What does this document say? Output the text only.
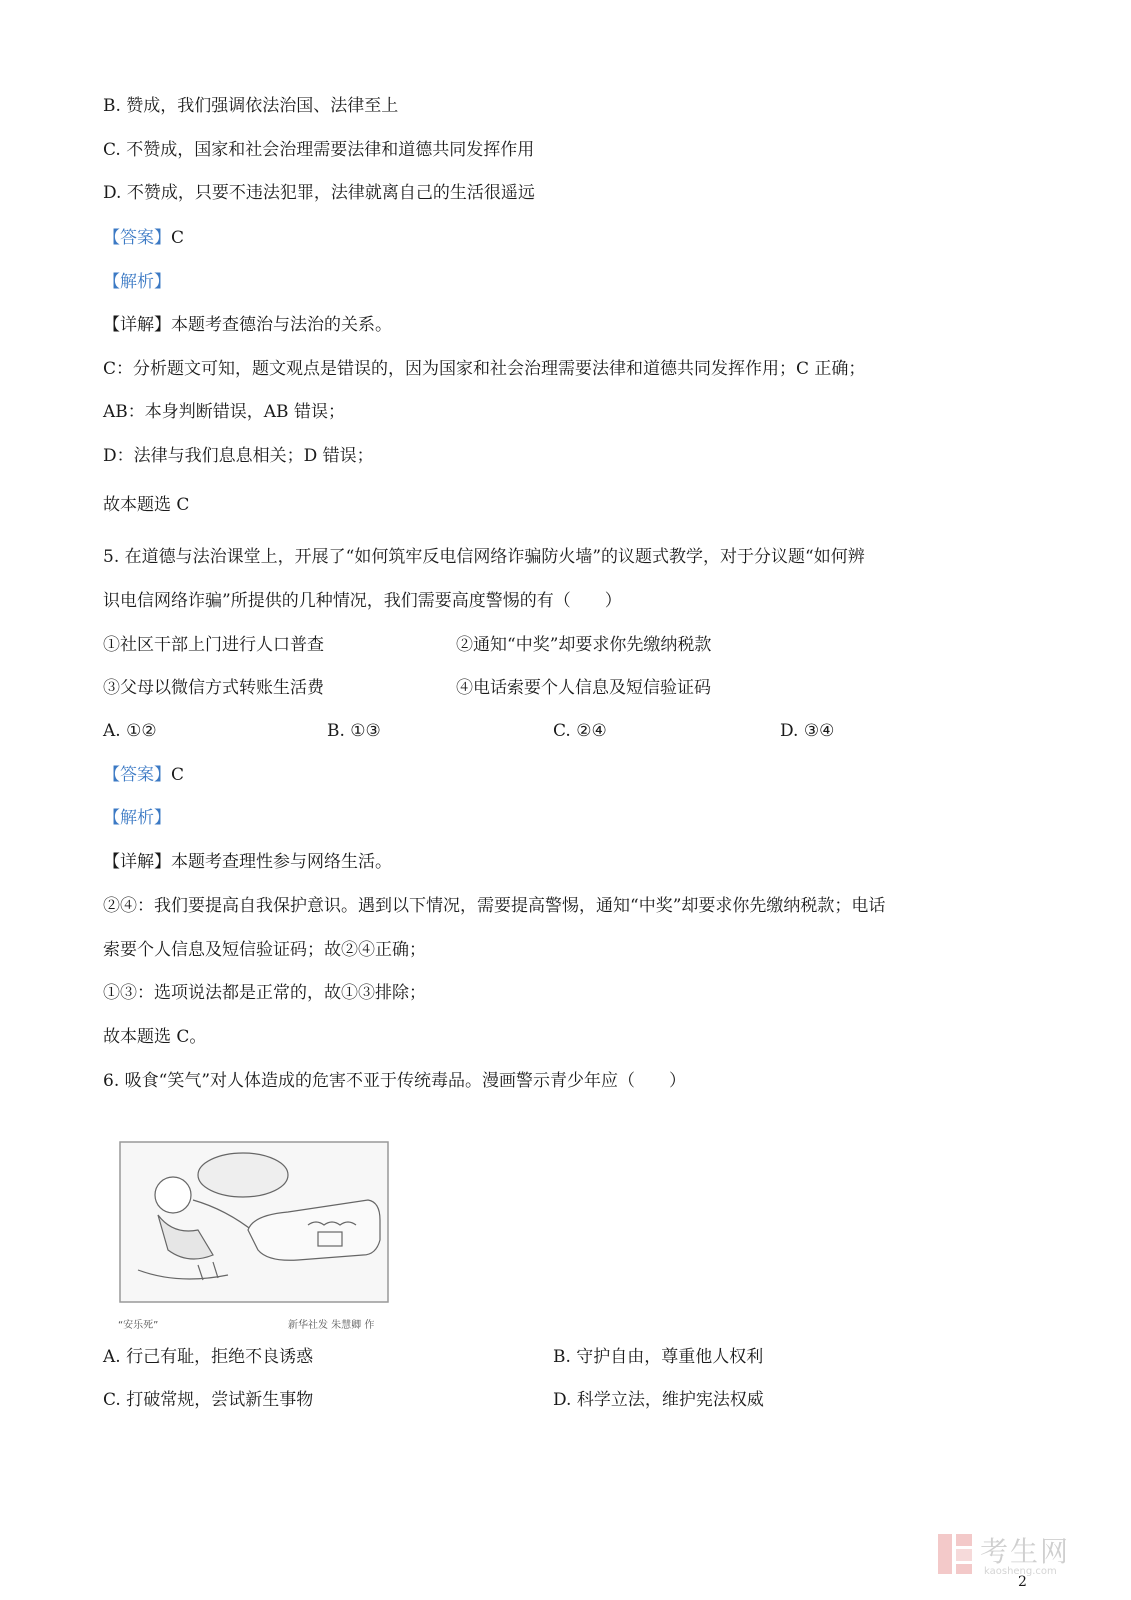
B. 赞成，我们强调依法治国、法律至上
C. 不赞成，国家和社会治理需要法律和道德共同发挥作用
D. 不赞成，只要不违法犯罪，法律就离自己的生活很遥远
【答案】C
【解析】
【详解】本题考查德治与法治的关系。
C：分析题文可知，题文观点是错误的，因为国家和社会治理需要法律和道德共同发挥作用；C 正确；
AB：本身判断错误，AB 错误；
D：法律与我们息息相关；D 错误；
故本题选 C
5. 在道德与法治课堂上，开展了“如何筑牢反电信网络诈骗防火墙”的议题式教学，对于分议题“如何辨
识电信网络诈骗”所提供的几种情况，我们需要高度警惕的有（　　）
①社区干部上门进行人口普查	②通知“中奖”却要求你先缴纳税款
③父母以微信方式转账生活费	④电话索要个人信息及短信验证码
A. ①②	B. ①③	C. ②④	D. ③④
【答案】C
【解析】
【详解】本题考查理性参与网络生活。
②④：我们要提高自我保护意识。遇到以下情况，需要提高警惕，通知“中奖”却要求你先缴纳税款；电话
索要个人信息及短信验证码；故②④正确；
①③：选项说法都是正常的，故①③排除；
故本题选 C。
6. 吸食“笑气”对人体造成的危害不亚于传统毒品。漫画警示青少年应（　　）
“安乐死”	新华社发 朱慧卿 作
A. 行己有耻，拒绝不良诱惑	B. 守护自由，尊重他人权利
C. 打破常规，尝试新生事物	D. 科学立法，维护宪法权威
考生网
kaosheng.com
2
